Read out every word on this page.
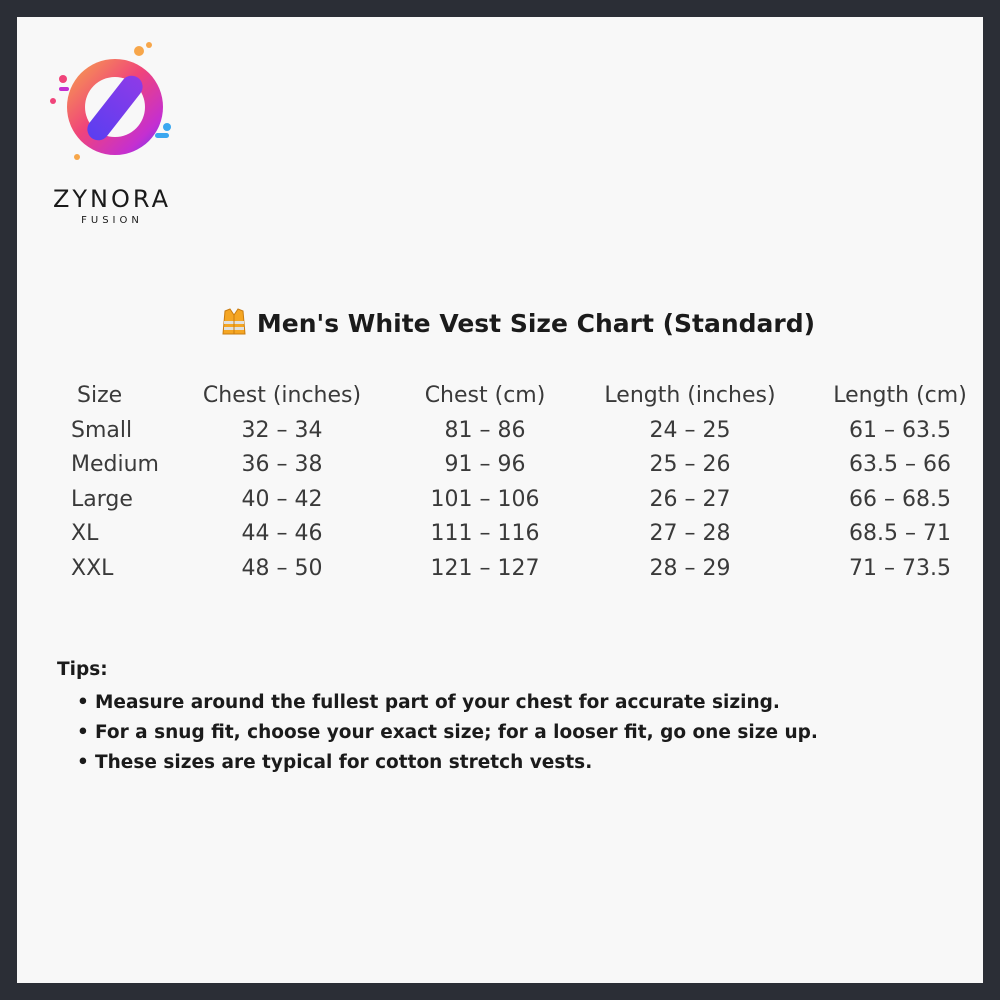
ZYNORA
FUSION
Men's White Vest Size Chart (Standard)
Size	Chest (inches)	Chest (cm)	Length (inches)	Length (cm)
Small	32 – 34	81 – 86	24 – 25	61 – 63.5
Medium	36 – 38	91 – 96	25 – 26	63.5 – 66
Large	40 – 42	101 – 106	26 – 27	66 – 68.5
XL	44 – 46	111 – 116	27 – 28	68.5 – 71
XXL	48 – 50	121 – 127	28 – 29	71 – 73.5
Tips:
• Measure around the fullest part of your chest for accurate sizing.
• For a snug fit, choose your exact size; for a looser fit, go one size up.
• These sizes are typical for cotton stretch vests.
